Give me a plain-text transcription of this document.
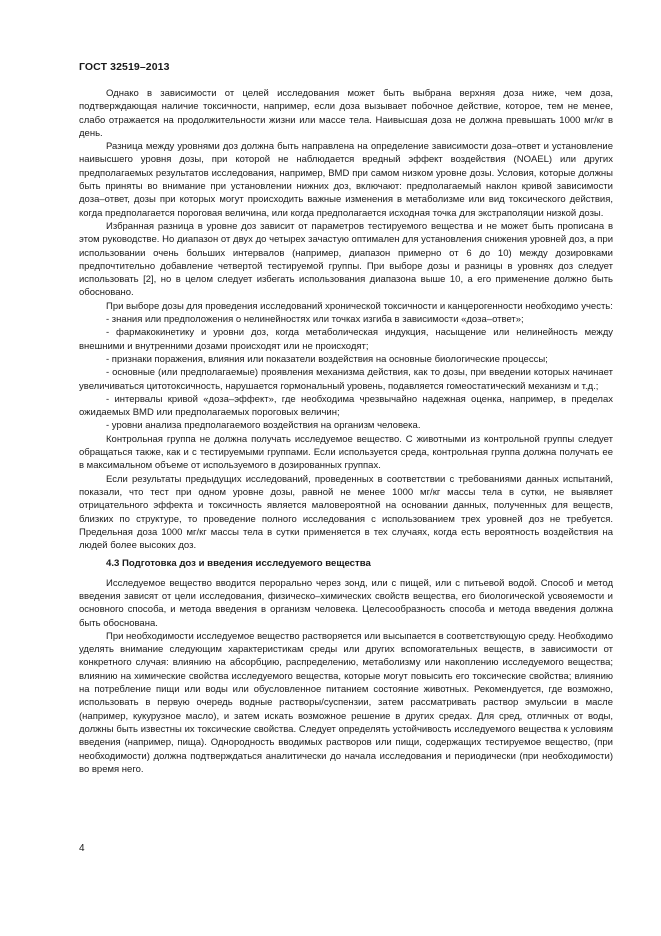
ГОСТ 32519–2013

Однако в зависимости от целей исследования может быть выбрана верхняя доза ниже, чем доза, подтверждающая наличие токсичности, например, если доза вызывает побочное действие, которое, тем не менее, слабо отражается на продолжительности жизни или массе тела. Наивысшая доза не должна превышать 1000 мг/кг в день.

Разница между уровнями доз должна быть направлена на определение зависимости доза–ответ и установление наивысшего уровня дозы, при которой не наблюдается вредный эффект воздействия (NOAEL) или других предполагаемых результатов исследования, например, BMD при самом низком уровне дозы. Условия, которые должны быть приняты во внимание при установлении нижних доз, включают: предполагаемый наклон кривой зависимости доза–ответ, дозы при которых могут происходить важные изменения в метаболизме или вид токсического действия, когда предполагается пороговая величина, или когда предполагается исходная точка для экстраполяции низкой дозы.

Избранная разница в уровне доз зависит от параметров тестируемого вещества и не может быть прописана в этом руководстве. Но диапазон от двух до четырех зачастую оптимален для установления снижения уровней доз, а при использовании очень больших интервалов (например, диапазон примерно от 6 до 10) между дозировками предпочтительно добавление четвертой тестируемой группы. При выборе дозы и разницы в уровнях доз следует использовать [2], но в целом следует избегать использования диапазона выше 10, а его применение должно быть обосновано.

При выборе дозы для проведения исследований хронической токсичности и канцерогенности необходимо учесть:

- знания или предположения о нелинейностях или точках изгиба в зависимости «доза–ответ»;

- фармакокинетику и уровни доз, когда метаболическая индукция, насыщение или нелинейность между внешними и внутренними дозами происходят или не происходят;

- признаки поражения, влияния или показатели воздействия на основные биологические процессы;

- основные (или предполагаемые) проявления механизма действия, как то дозы, при введении которых начинает увеличиваться цитотоксичность, нарушается гормональный уровень, подавляется гомеостатический механизм и т.д.;

- интервалы кривой «доза–эффект», где необходима чрезвычайно надежная оценка, например, в пределах ожидаемых BMD или предполагаемых пороговых величин;

- уровни анализа предполагаемого воздействия на организм человека.

Контрольная группа не должна получать исследуемое вещество. С животными из контрольной группы следует обращаться также, как и с тестируемыми группами. Если используется среда, контрольная группа должна получать ее в максимальном объеме от используемого в дозированных группах.

Если результаты предыдущих исследований, проведенных в соответствии с требованиями данных испытаний, показали, что тест при одном уровне дозы, равной не менее 1000 мг/кг массы тела в сутки, не выявляет отрицательного эффекта и токсичность является маловероятной на основании данных, полученных для веществ, близких по структуре, то проведение полного исследования с использованием трех уровней доз не требуется. Предельная доза 1000 мг/кг массы тела в сутки применяется в тех случаях, когда есть вероятность воздействия на людей более высоких доз.

4.3 Подготовка доз и введения исследуемого вещества

Исследуемое вещество вводится перорально через зонд, или с пищей, или с питьевой водой. Способ и метод введения зависят от цели исследования, физическо–химических свойств вещества, его биологической усвояемости и основного способа, и метода введения в организм человека. Целесообразность способа и метода введения должна быть обоснована.

При необходимости исследуемое вещество растворяется или высыпается в соответствующую среду. Необходимо уделять внимание следующим характеристикам среды или других вспомогательных веществ, в зависимости от конкретного случая: влиянию на абсорбцию, распределению, метаболизму или накоплению исследуемого вещества; влиянию на химические свойства исследуемого вещества, которые могут повысить его токсические свойства; влиянию на потребление пищи или воды или обусловленное питанием состояние животных. Рекомендуется, где возможно, использовать в первую очередь водные растворы/суспензии, затем рассматривать раствор эмульсии в масле (например, кукурузное масло), и затем искать возможное решение в других средах. Для сред, отличных от воды, должны быть известны их токсические свойства. Следует определять устойчивость исследуемого вещества к условиям введения (например, пища). Однородность вводимых растворов или пищи, содержащих тестируемое вещество, (при необходимости) должна подтверждаться аналитически до начала исследования и периодически (при необходимости) во время него.

4
